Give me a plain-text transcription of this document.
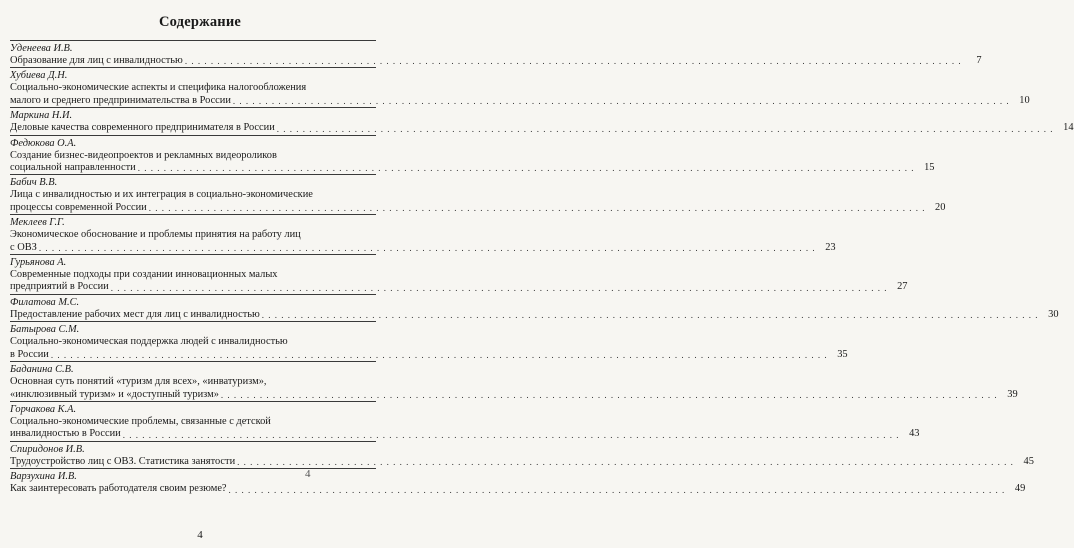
Содержание
Уденеева И.В.
Образование для лиц с инвалидностью . . . . . . . . . . . . . . . . . . . . . . . . . . . . . . . . . . . . . . . . . . . . . . . . . . . . . . . . . . . . . . . . . . . . . . . . . . . . . . . . . . . . . . . . . . . . . . . . . . . . . . . . . . . . . . . . . . . . . . . .	7
Хубиева Д.Н.
Социально-экономические аспекты и специфика налогообложения
малого и среднего предпринимательства в России . . . . . . . . . . . . . . . . . . . . . . . . . . . . . . . . . . . . . . . . . . . . . . . . . . . . . . . . . . . . . . . . . . . . . . . . . . . . . . . . . . . . . . . . . . . . . . . . . . . . . . . . . . . . . . . . . . . . . . . . 10
Маркина Н.И.
Деловые качества современного предпринимателя в России . . . . . . . . . . . . . . . . . . . . . . . . . . . . . . . . . . . . . . . . . . . . . . . . . . . . . . . . . . . . . . . . . . . . . . . . . . . . . . . . . . . . . . . . . . . . . . . . . . . . . . . . . . . . . . . . . . . . . . . . 14
Федюкова О.А.
Создание бизнес-видеопроектов и рекламных видеороликов
социальной направленности . . . . . . . . . . . . . . . . . . . . . . . . . . . . . . . . . . . . . . . . . . . . . . . . . . . . . . . . . . . . . . . . . . . . . . . . . . . . . . . . . . . . . . . . . . . . . . . . . . . . . . . . . . . . . . . . . . . . . . . . 15
Бабич В.В.
Лица с инвалидностью и их интеграция в социально-экономические
процессы современной России . . . . . . . . . . . . . . . . . . . . . . . . . . . . . . . . . . . . . . . . . . . . . . . . . . . . . . . . . . . . . . . . . . . . . . . . . . . . . . . . . . . . . . . . . . . . . . . . . . . . . . . . . . . . . . . . . . . . . . . . 20
Меклеев Г.Г.
Экономическое обоснование и проблемы принятия на работу лиц
с ОВЗ . . . . . . . . . . . . . . . . . . . . . . . . . . . . . . . . . . . . . . . . . . . . . . . . . . . . . . . . . . . . . . . . . . . . . . . . . . . . . . . . . . . . . . . . . . . . . . . . . . . . . . . . . . . . . . . . . . . . . . . . 23
Гурьянова А.
Современные подходы при создании инновационных малых
предприятий в России . . . . . . . . . . . . . . . . . . . . . . . . . . . . . . . . . . . . . . . . . . . . . . . . . . . . . . . . . . . . . . . . . . . . . . . . . . . . . . . . . . . . . . . . . . . . . . . . . . . . . . . . . . . . . . . . . . . . . . . . 27
Филатова М.С.
Предоставление рабочих мест для лиц с инвалидностью . . . . . . . . . . . . . . . . . . . . . . . . . . . . . . . . . . . . . . . . . . . . . . . . . . . . . . . . . . . . . . . . . . . . . . . . . . . . . . . . . . . . . . . . . . . . . . . . . . . . . . . . . . . . . . . . . . . . . . . . 30
Батырова С.М.
Социально-экономическая поддержка людей с инвалидностью
в России . . . . . . . . . . . . . . . . . . . . . . . . . . . . . . . . . . . . . . . . . . . . . . . . . . . . . . . . . . . . . . . . . . . . . . . . . . . . . . . . . . . . . . . . . . . . . . . . . . . . . . . . . . . . . . . . . . . . . . . . 35
Баданина С.В.
Основная суть понятий «туризм для всех», «инватуризм»,
«инклюзивный туризм» и «доступный туризм» . . . . . . . . . . . . . . . . . . . . . . . . . . . . . . . . . . . . . . . . . . . . . . . . . . . . . . . . . . . . . . . . . . . . . . . . . . . . . . . . . . . . . . . . . . . . . . . . . . . . . . . . . . . . . . . . . . . . . . . . 39
Горчакова К.А.
Социально-экономические проблемы, связанные с детской
инвалидностью в России . . . . . . . . . . . . . . . . . . . . . . . . . . . . . . . . . . . . . . . . . . . . . . . . . . . . . . . . . . . . . . . . . . . . . . . . . . . . . . . . . . . . . . . . . . . . . . . . . . . . . . . . . . . . . . . . . . . . . . . . 43
Спиридонов И.В.
Трудоустройство лиц с ОВЗ. Статистика занятости . . . . . . . . . . . . . . . . . . . . . . . . . . . . . . . . . . . . . . . . . . . . . . . . . . . . . . . . . . . . . . . . . . . . . . . . . . . . . . . . . . . . . . . . . . . . . . . . . . . . . . . . . . . . . . . . . . . . . . . . 45
Варзухина И.В.
Как заинтересовать работодателя своим резюме? . . . . . . . . . . . . . . . . . . . . . . . . . . . . . . . . . . . . . . . . . . . . . . . . . . . . . . . . . . . . . . . . . . . . . . . . . . . . . . . . . . . . . . . . . . . . . . . . . . . . . . . . . . . . . . . . . . . . . . . . 49
4
4
